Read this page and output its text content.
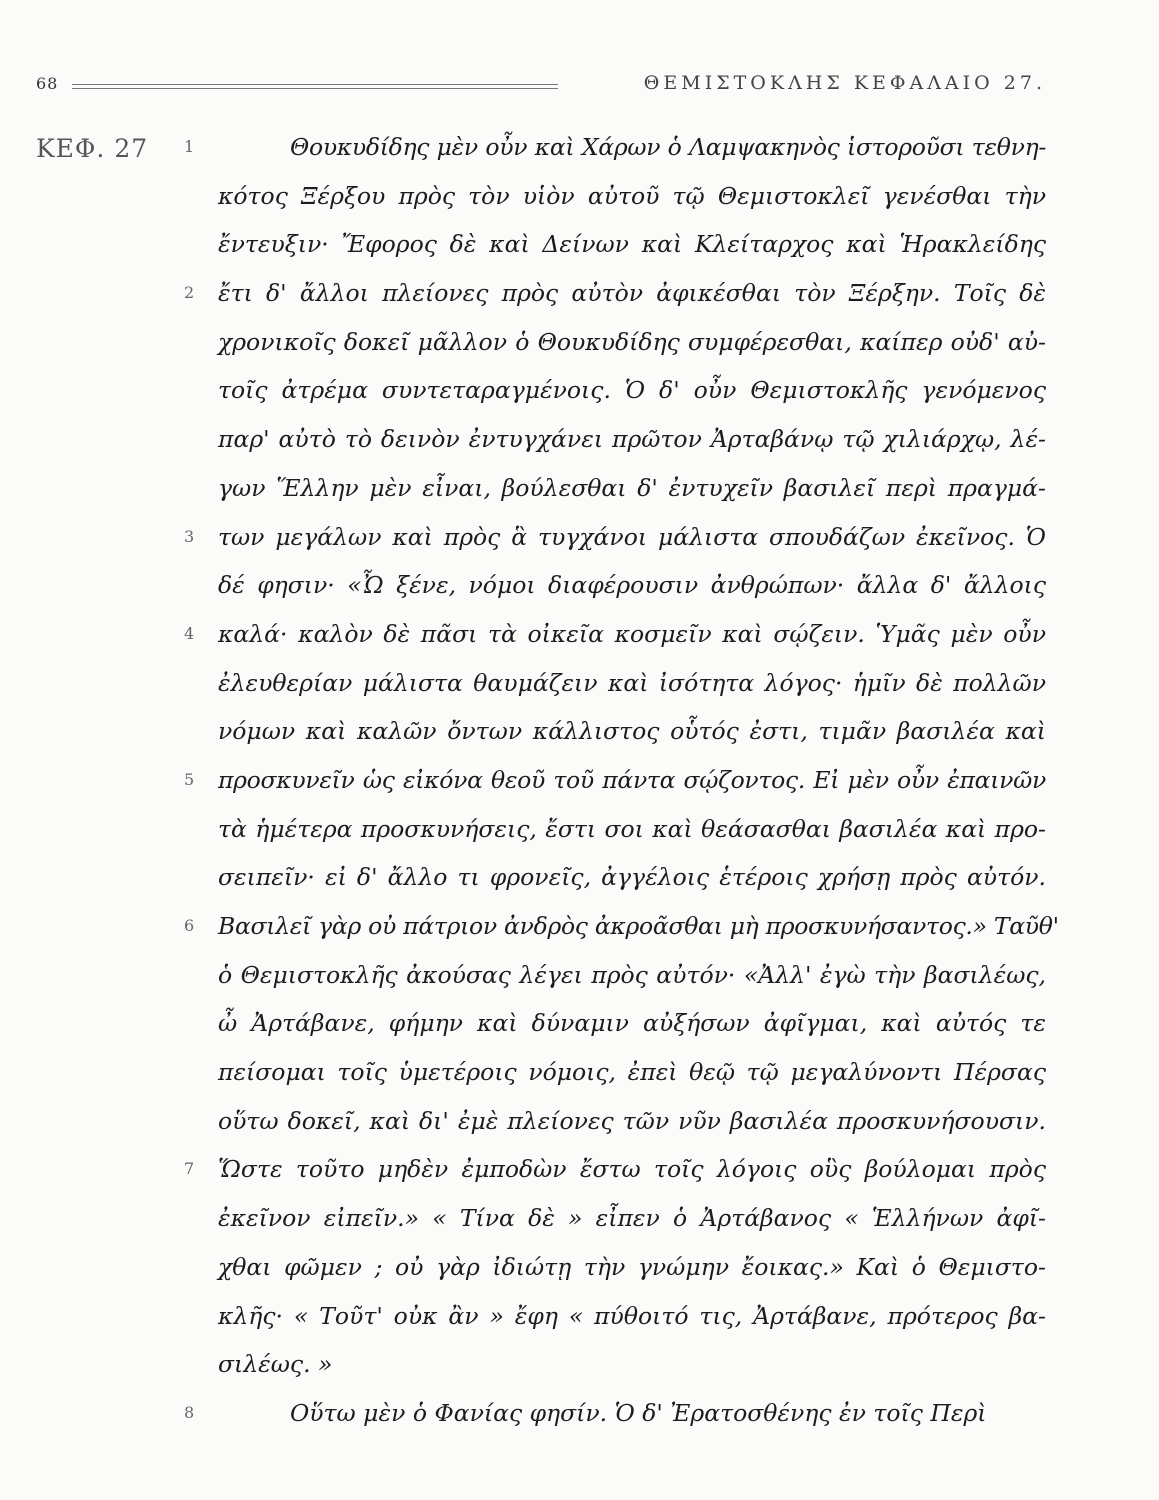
68	ΘΕΜΙΣΤΟΚΛΗΣ ΚΕΦΑΛΑΙΟ 27.
ΚΕΦ. 27 1	Θουκυδίδης μὲν οὖν καὶ Χάρων ὁ Λαμψακηνὸς ἱστοροῦσι τεθνη-
κότος Ξέρξου πρὸς τὸν υἱὸν αὐτοῦ τῷ Θεμιστοκλεῖ γενέσθαι τὴν
ἔντευξιν· Ἔφορος δὲ καὶ Δείνων καὶ Κλείταρχος καὶ Ἡρακλείδης
2 ἔτι δ' ἄλλοι πλείονες πρὸς αὐτὸν ἀφικέσθαι τὸν Ξέρξην. Τοῖς δὲ
χρονικοῖς δοκεῖ μᾶλλον ὁ Θουκυδίδης συμφέρεσθαι, καίπερ οὐδ' αὐ-
τοῖς ἀτρέμα συντεταραγμένοις. Ὁ δ' οὖν Θεμιστοκλῆς γενόμενος
παρ' αὐτὸ τὸ δεινὸν ἐντυγχάνει πρῶτον Ἀρταβάνῳ τῷ χιλιάρχῳ, λέ-
γων Ἕλλην μὲν εἶναι, βούλεσθαι δ' ἐντυχεῖν βασιλεῖ περὶ πραγμά-
3 των μεγάλων καὶ πρὸς ἃ τυγχάνοι μάλιστα σπουδάζων ἐκεῖνος. Ὁ
δέ φησιν· «Ὦ ξένε, νόμοι διαφέρουσιν ἀνθρώπων· ἄλλα δ' ἄλλοις
4 καλά· καλὸν δὲ πᾶσι τὰ οἰκεῖα κοσμεῖν καὶ σῴζειν. Ὑμᾶς μὲν οὖν
ἐλευθερίαν μάλιστα θαυμάζειν καὶ ἰσότητα λόγος· ἡμῖν δὲ πολλῶν
νόμων καὶ καλῶν ὄντων κάλλιστος οὗτός ἐστι, τιμᾶν βασιλέα καὶ
5 προσκυνεῖν ὡς εἰκόνα θεοῦ τοῦ πάντα σῴζοντος. Εἰ μὲν οὖν ἐπαινῶν
τὰ ἡμέτερα προσκυνήσεις, ἔστι σοι καὶ θεάσασθαι βασιλέα καὶ προ-
σειπεῖν· εἰ δ' ἄλλο τι φρονεῖς, ἀγγέλοις ἑτέροις χρήσῃ πρὸς αὐτόν.
6 Βασιλεῖ γὰρ οὐ πάτριον ἀνδρὸς ἀκροᾶσθαι μὴ προσκυνήσαντος.» Ταῦθ'
ὁ Θεμιστοκλῆς ἀκούσας λέγει πρὸς αὐτόν· «Ἀλλ' ἐγὼ τὴν βασιλέως,
ὦ Ἀρτάβανε, φήμην καὶ δύναμιν αὐξήσων ἀφῖγμαι, καὶ αὐτός τε
πείσομαι τοῖς ὑμετέροις νόμοις, ἐπεὶ θεῷ τῷ μεγαλύνοντι Πέρσας
οὕτω δοκεῖ, καὶ δι' ἐμὲ πλείονες τῶν νῦν βασιλέα προσκυνήσουσιν.
7 Ὥστε τοῦτο μηδὲν ἐμποδὼν ἔστω τοῖς λόγοις οὓς βούλομαι πρὸς
ἐκεῖνον εἰπεῖν.» « Τίνα δὲ » εἶπεν ὁ Ἀρτάβανος « Ἑλλήνων ἀφῖ-
χθαι φῶμεν ; οὐ γὰρ ἰδιώτῃ τὴν γνώμην ἔοικας.» Καὶ ὁ Θεμιστο-
κλῆς· « Τοῦτ' οὐκ ἂν » ἔφη « πύθοιτό τις, Ἀρτάβανε, πρότερος βα-
σιλέως. »
8	Οὕτω μὲν ὁ Φανίας φησίν. Ὁ δ' Ἐρατοσθένης ἐν τοῖς Περὶ
